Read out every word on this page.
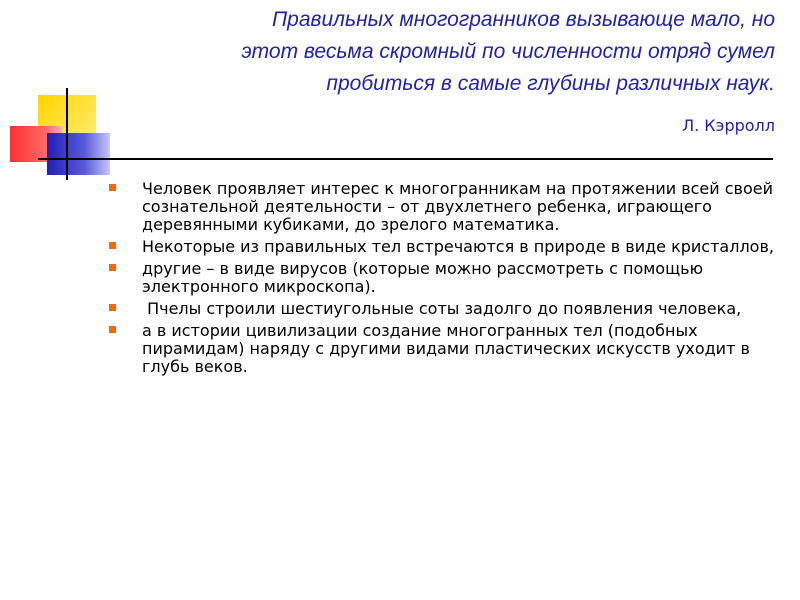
Правильных многогранников вызывающе мало, но
этот весьма скромный по численности отряд сумел
пробиться в самые глубины различных наук.
Л. Кэрролл
Человек проявляет интерес к многогранникам на протяжении всей своей сознательной деятельности – от двухлетнего ребенка, играющего деревянными кубиками, до зрелого математика.
Некоторые из правильных тел встречаются в природе в виде кристаллов,
другие – в виде вирусов (которые можно рассмотреть с помощью электронного микроскопа).
Пчелы строили шестиугольные соты задолго до появления человека,
а в истории цивилизации создание многогранных тел (подобных пирамидам) наряду с другими видами пластических искусств уходит в глубь веков.
